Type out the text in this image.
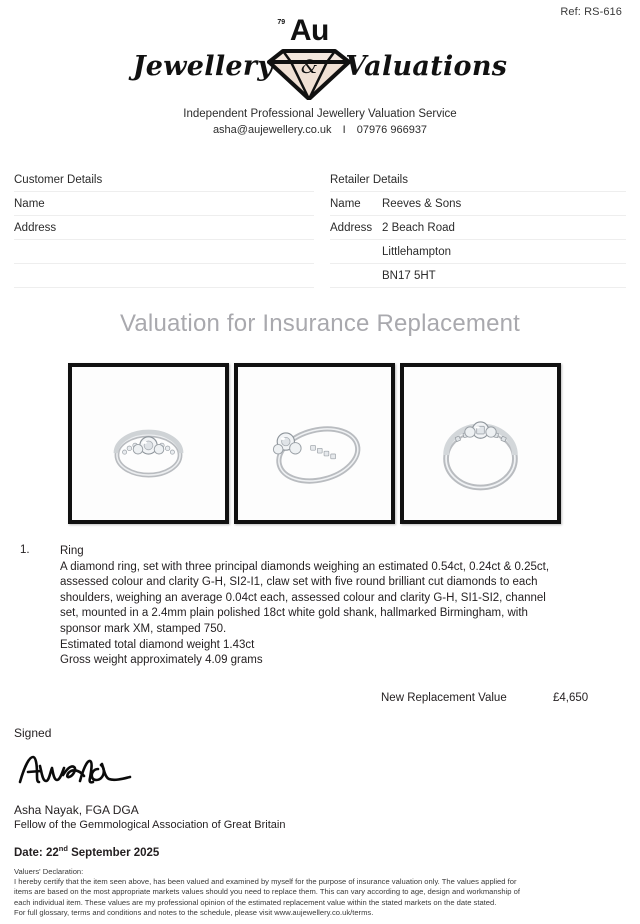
Ref: RS-616
Jewellery
79 Au
& Valuations
Independent Professional Jewellery Valuation Service
asha@aujewellery.co.uk I 07976 966937
Customer Details
Name
Address
Retailer Details
Name	Reeves & Sons
Address 2 Beach Road
Littlehampton
BN17 5HT
Valuation for Insurance Replacement
1.	Ring

A diamond ring, set with three principal diamonds weighing an estimated 0.54ct, 0.24ct & 0.25ct, assessed colour and clarity G-H, SI2-I1, claw set with five round brilliant cut diamonds to each shoulders, weighing an average 0.04ct each, assessed colour and clarity G-H, SI1-SI2, channel set, mounted in a 2.4mm plain polished 18ct white gold shank, hallmarked Birmingham, with sponsor mark XM, stamped 750.

Estimated total diamond weight 1.43ct

Gross weight approximately 4.09 grams

New Replacement Value	£4,650
Signed
Asha Nayak, FGA DGA
Fellow of the Gemmological Association of Great Britain
Date: 22nd September 2025
Valuers' Declaration:

I hereby certify that the item seen above, has been valued and examined by myself for the purpose of insurance valuation only. The values applied for

items are based on the most appropriate markets values should you need to replace them. This can vary according to age, design and workmanship of

each individual item. These values are my professional opinion of the estimated replacement value within the stated markets on the date stated.

For full glossary, terms and conditions and notes to the schedule, please visit www.aujewellery.co.uk/terms.
